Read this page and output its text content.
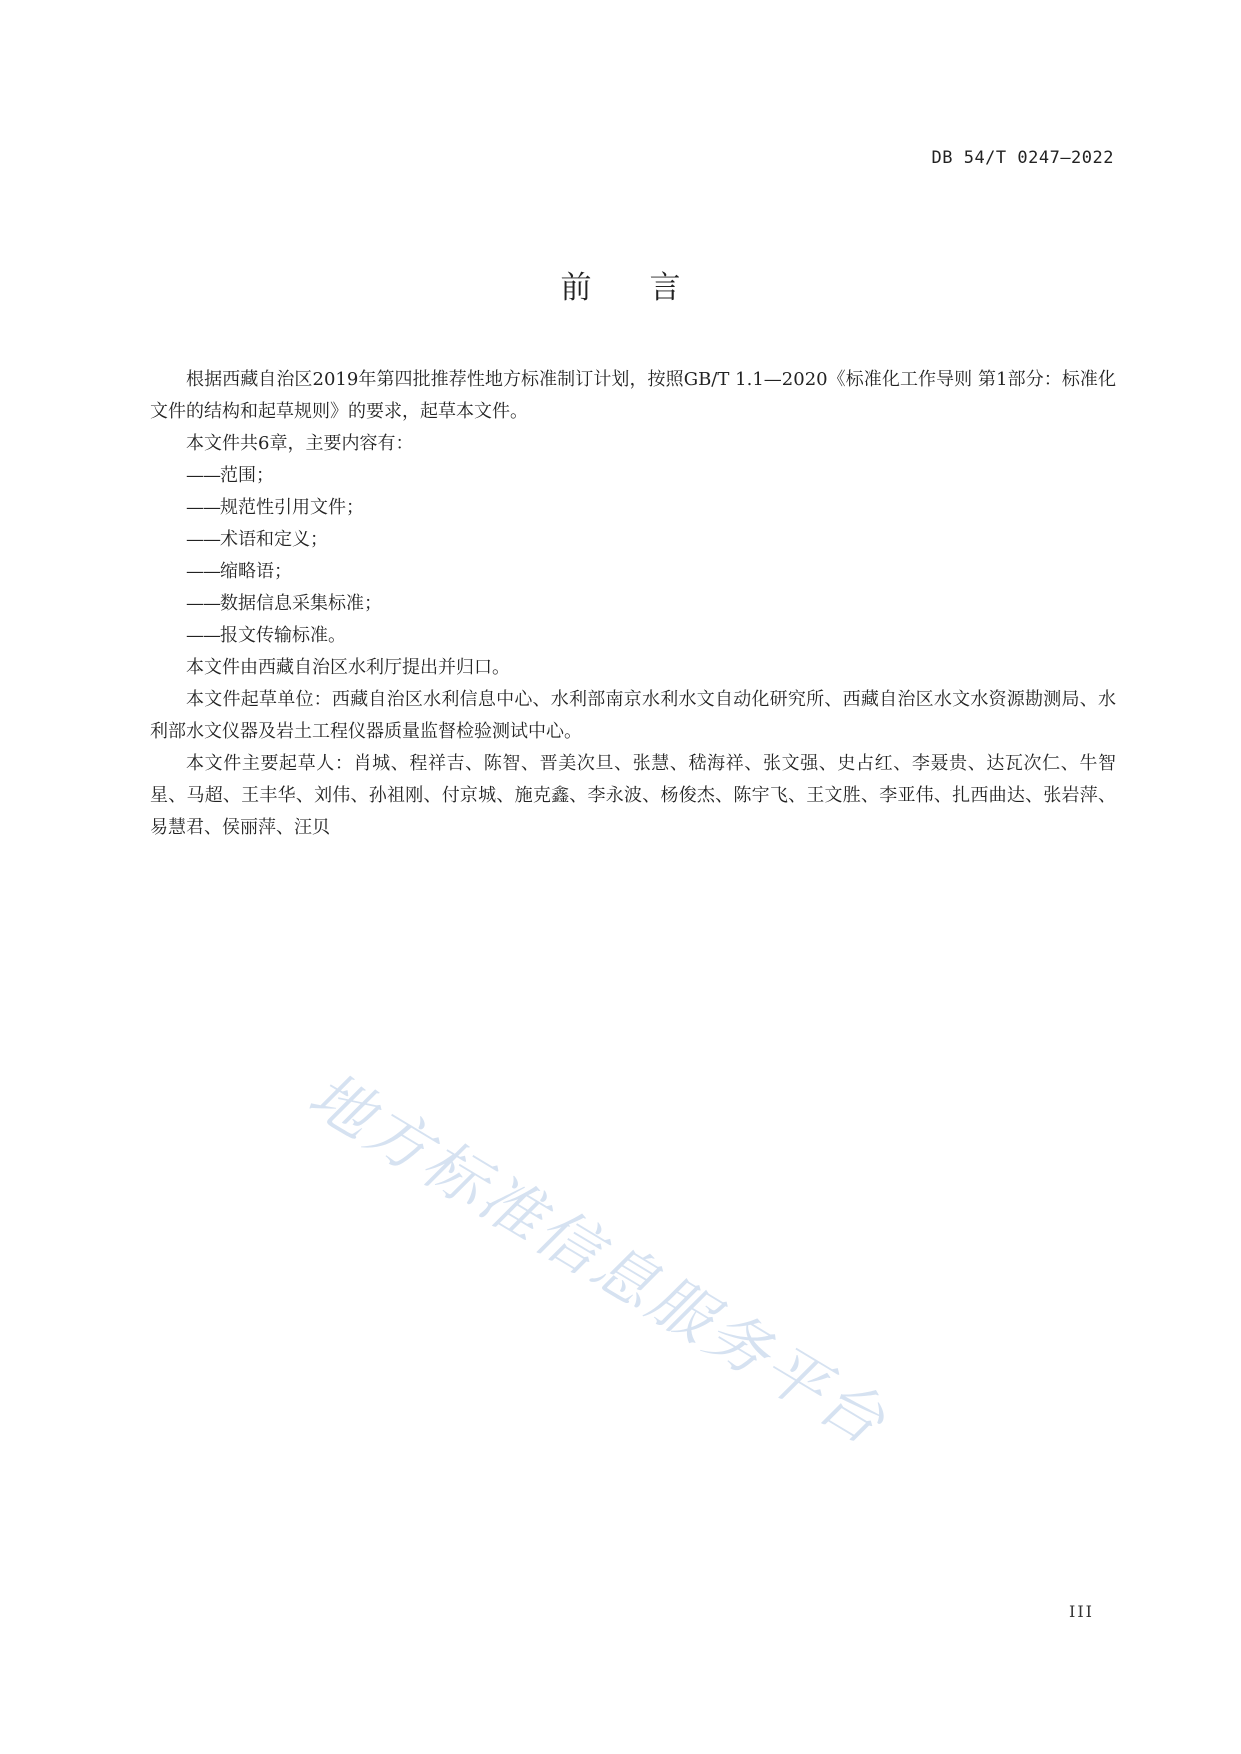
DB 54/T 0247—2022
前言

根据西藏自治区2019年第四批推荐性地方标准制订计划，按照GB/T 1.1—2020《标准化工作导则 第1部分：标准化文件的结构和起草规则》的要求，起草本文件。

本文件共6章，主要内容有：

—— 范围；
—— 规范性引用文件；
—— 术语和定义；
—— 缩略语；
—— 数据信息采集标准；
—— 报文传输标准。

本文件由西藏自治区水利厅提出并归口。

本文件起草单位：西藏自治区水利信息中心、水利部南京水利水文自动化研究所、西藏自治区水文水资源勘测局、水利部水文仪器及岩土工程仪器质量监督检验测试中心。

本文件主要起草人：肖城、程祥吉、陈智、晋美次旦、张慧、嵇海祥、张文强、史占红、李聂贵、达瓦次仁、牛智星、马超、王丰华、刘伟、孙祖刚、付京城、施克鑫、李永波、杨俊杰、陈宇飞、王文胜、李亚伟、扎西曲达、张岩萍、易慧君、侯丽萍、汪贝

地方标准信息服务平台
III
